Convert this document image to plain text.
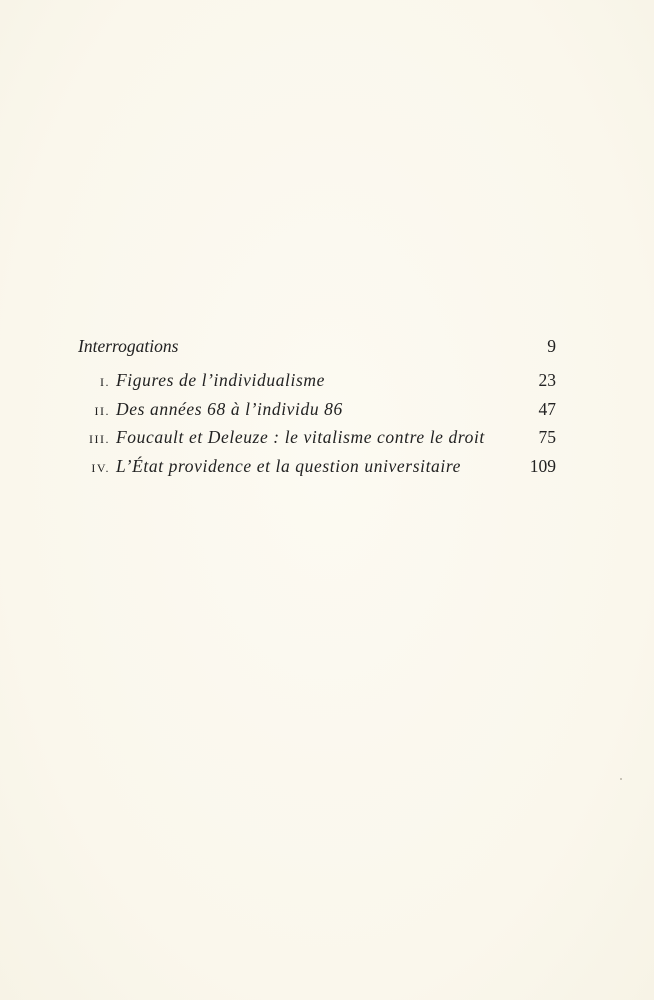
Interrogations	9
I. Figures de l’individualisme	23
II. Des années 68 à l’individu 86	47
III. Foucault et Deleuze : le vitalisme contre le droit	75
IV. L’État providence et la question universitaire	109
